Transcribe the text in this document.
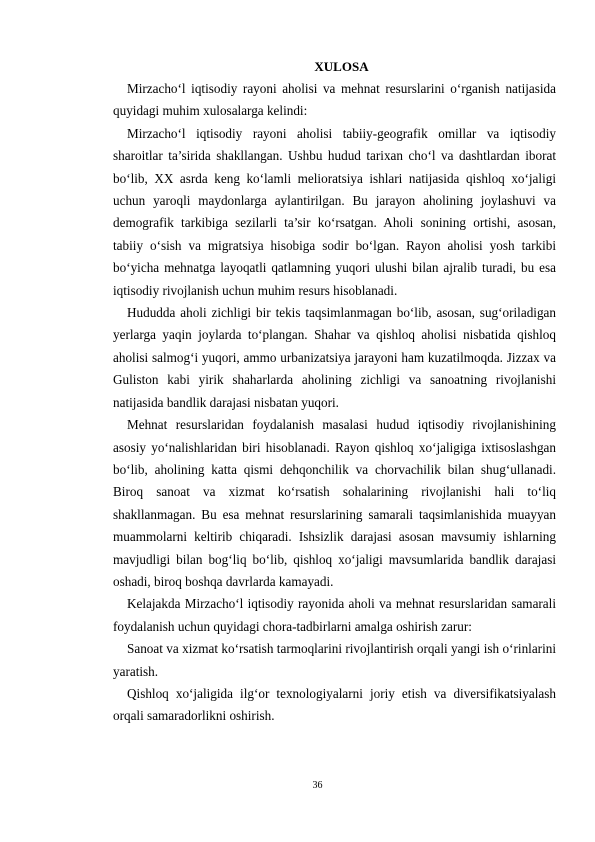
XULOSA

Mirzacho‘l iqtisodiy rayoni aholisi va mehnat resurslarini o‘rganish natijasida quyidagi muhim xulosalarga kelindi:

Mirzacho‘l iqtisodiy rayoni aholisi tabiiy-geografik omillar va iqtisodiy sharoitlar ta’sirida shakllangan. Ushbu hudud tarixan cho‘l va dashtlardan iborat bo‘lib, XX asrda keng ko‘lamli melioratsiya ishlari natijasida qishloq xo‘jaligi uchun yaroqli maydonlarga aylantirilgan. Bu jarayon aholining joylashuvi va demografik tarkibiga sezilarli ta’sir ko‘rsatgan. Aholi sonining ortishi, asosan, tabiiy o‘sish va migratsiya hisobiga sodir bo‘lgan. Rayon aholisi yosh tarkibi bo‘yicha mehnatga layoqatli qatlamning yuqori ulushi bilan ajralib turadi, bu esa iqtisodiy rivojlanish uchun muhim resurs hisoblanadi.

Hududda aholi zichligi bir tekis taqsimlanmagan bo‘lib, asosan, sug‘oriladigan yerlarga yaqin joylarda to‘plangan. Shahar va qishloq aholisi nisbatida qishloq aholisi salmog‘i yuqori, ammo urbanizatsiya jarayoni ham kuzatilmoqda. Jizzax va Guliston kabi yirik shaharlarda aholining zichligi va sanoatning rivojlanishi natijasida bandlik darajasi nisbatan yuqori.

Mehnat resurslaridan foydalanish masalasi hudud iqtisodiy rivojlanishining asosiy yo‘nalishlaridan biri hisoblanadi. Rayon qishloq xo‘jaligiga ixtisoslashgan bo‘lib, aholining katta qismi dehqonchilik va chorvachilik bilan shug‘ullanadi. Biroq sanoat va xizmat ko‘rsatish sohalarining rivojlanishi hali to‘liq shakllanmagan. Bu esa mehnat resurslarining samarali taqsimlanishida muayyan muammolarni keltirib chiqaradi. Ishsizlik darajasi asosan mavsumiy ishlarning mavjudligi bilan bog‘liq bo‘lib, qishloq xo‘jaligi mavsumlarida bandlik darajasi oshadi, biroq boshqa davrlarda kamayadi.

Kelajakda Mirzacho‘l iqtisodiy rayonida aholi va mehnat resurslaridan samarali foydalanish uchun quyidagi chora-tadbirlarni amalga oshirish zarur:

Sanoat va xizmat ko‘rsatish tarmoqlarini rivojlantirish orqali yangi ish o‘rinlarini yaratish.

Qishloq xo‘jaligida ilg‘or texnologiyalarni joriy etish va diversifikatsiyalash orqali samaradorlikni oshirish.

36
